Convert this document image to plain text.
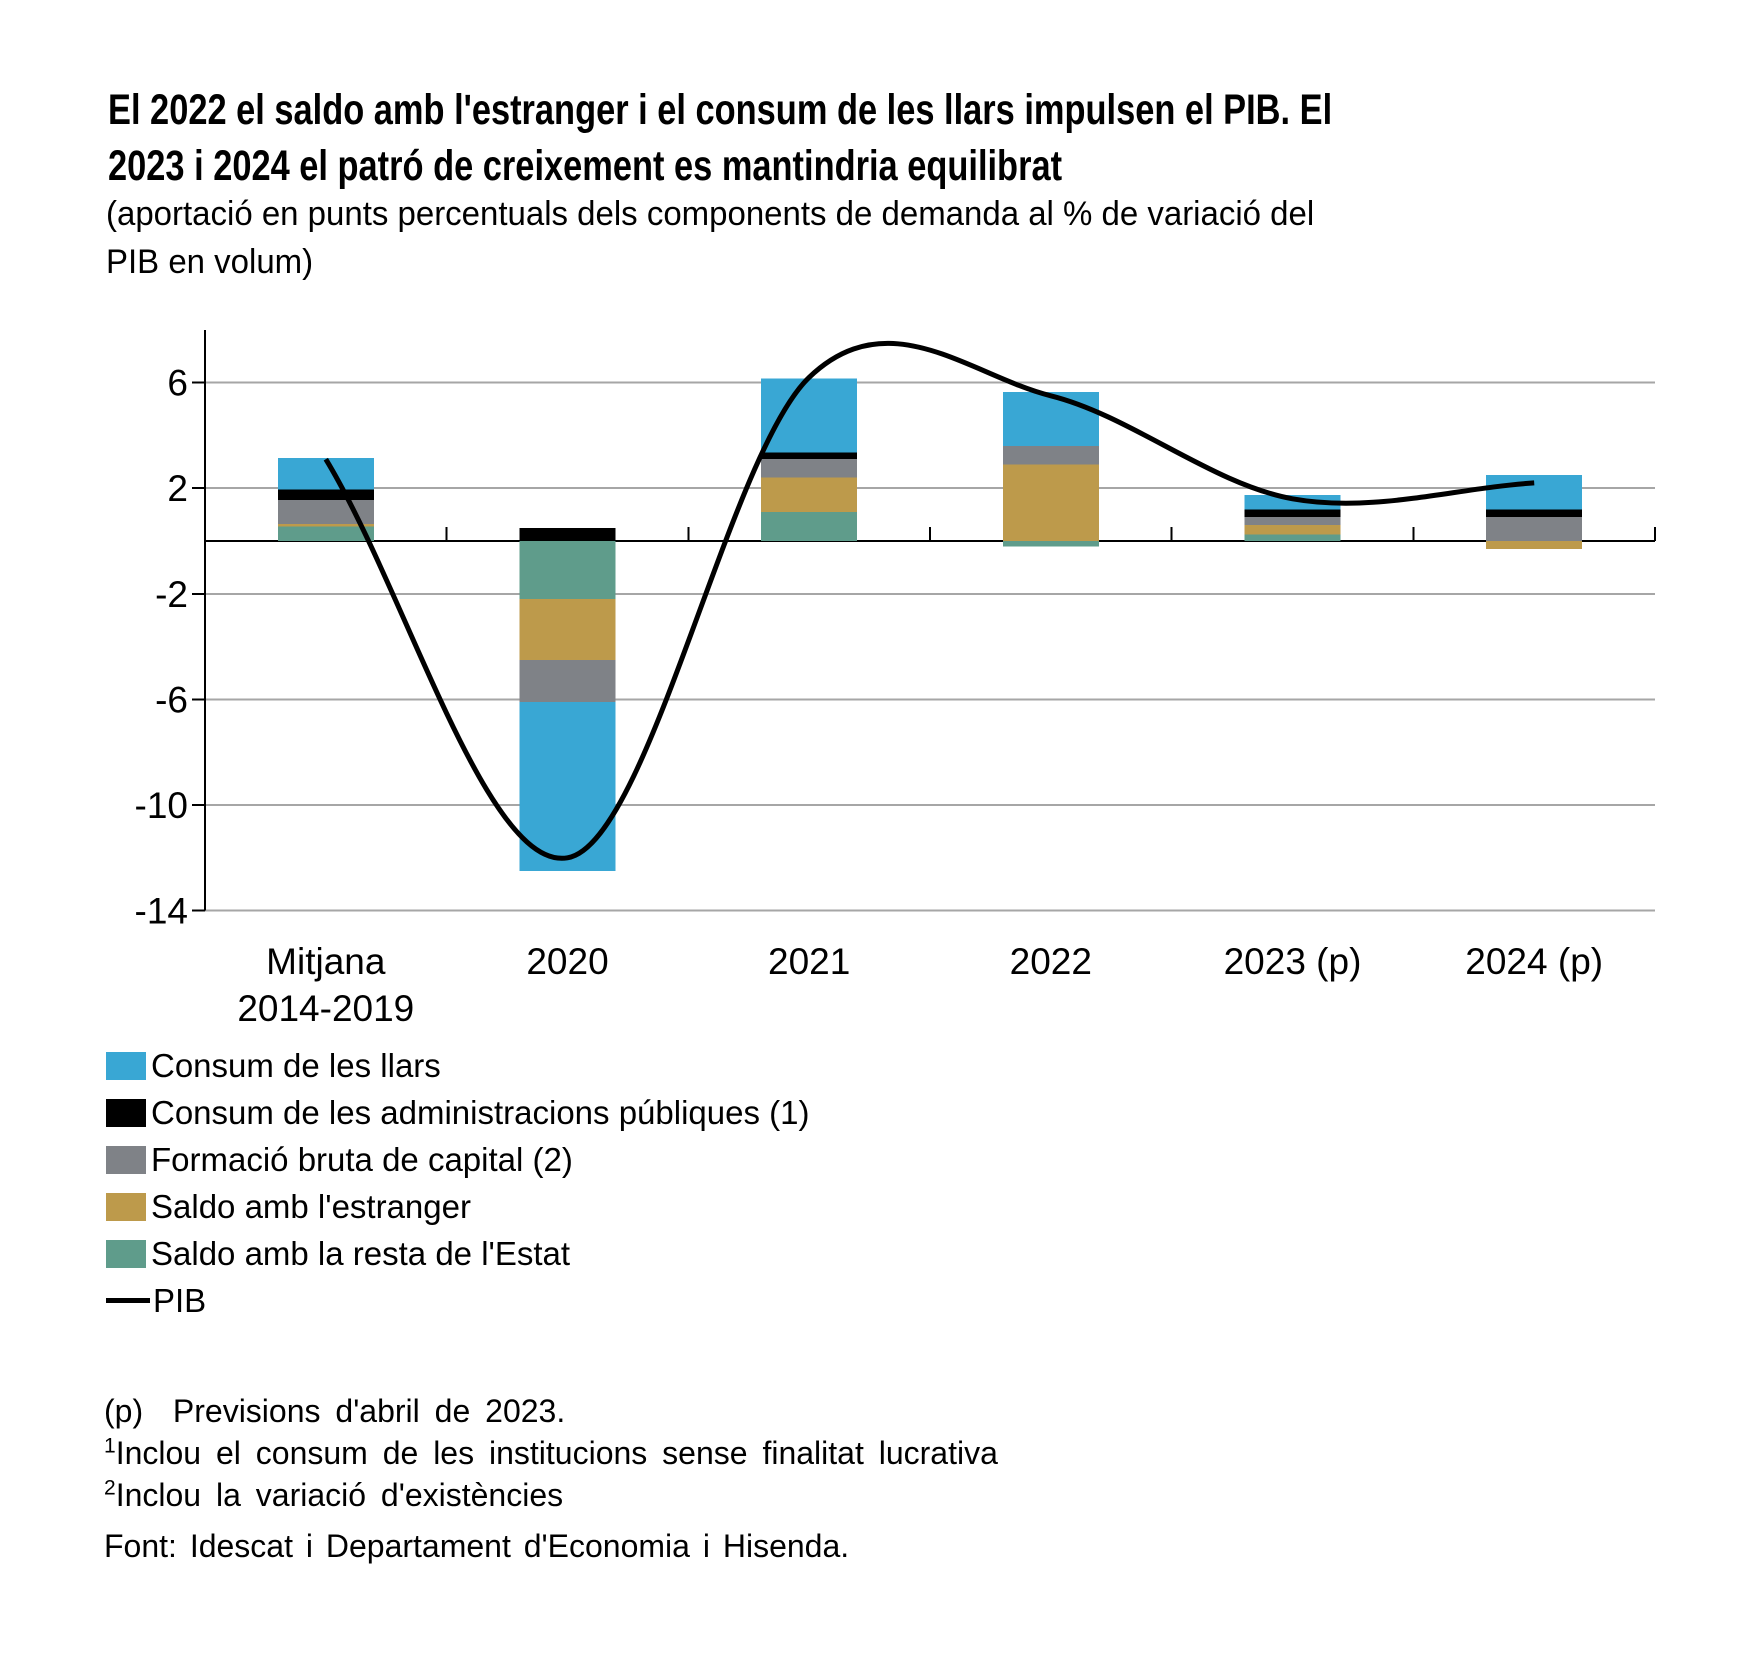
6
2
-2
-6
-10
-14
Mitjana
2014-2019
2020	2021	2022	2023 (p)	2024 (p)
El 2022 el saldo amb l'estranger i el consum de les llars impulsen el PIB. El
2023 i 2024 el patró de creixement es mantindria equilibrat
(aportació en punts percentuals dels components de demanda al % de variació del
PIB en volum)
Consum de les llars
Consum de les administracions públiques (1)
Formació bruta de capital (2)
Saldo amb l'estranger
Saldo amb la resta de l'Estat
PIB
(p)  Previsions d'abril de 2023.
$^1$Inclou el consum de les institucions sense finalitat lucrativa
$^2$Inclou la variació d'existències
Font: Idescat i Departament d'Economia i Hisenda.
